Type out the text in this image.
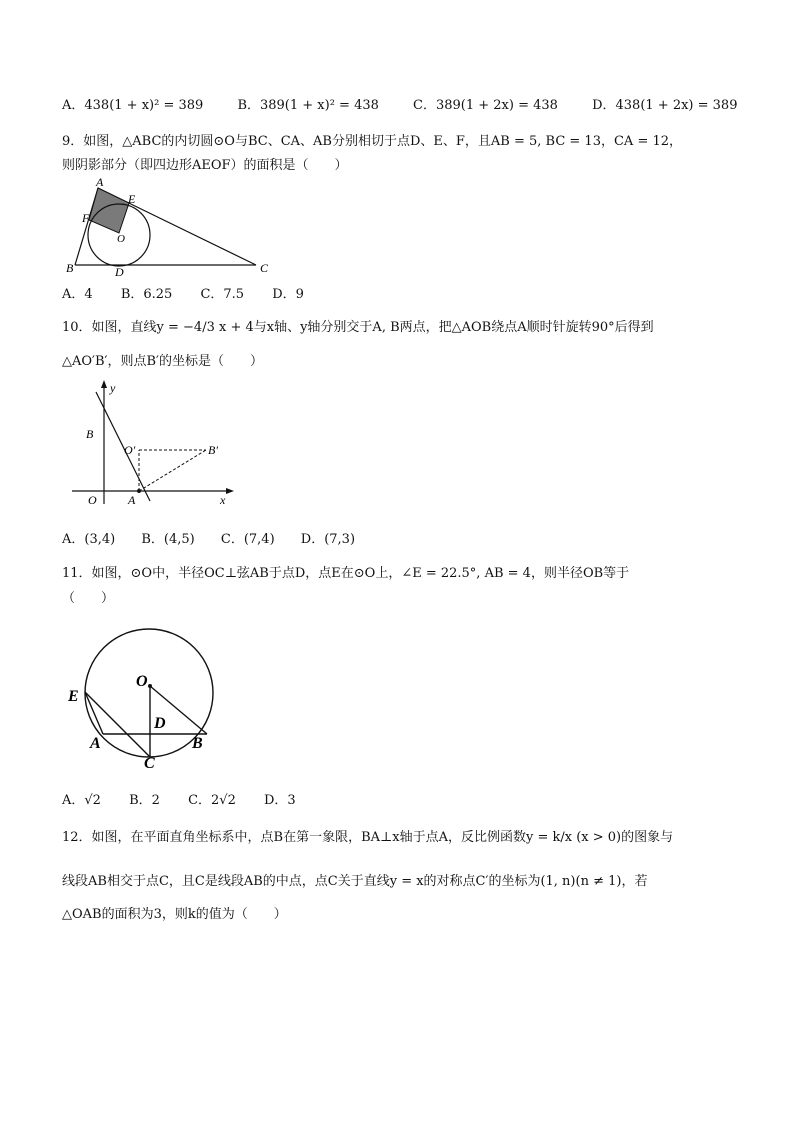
A．438(1 + x)² = 389	B．389(1 + x)² = 438	C．389(1 + 2x) = 438	D．438(1 + 2x) = 389
9．如图，△ABC的内切圆⊙O与BC、CA、AB分别相切于点D、E、F，且AB = 5, BC = 13，CA = 12，
则阴影部分（即四边形AEOF）的面积是（　　）
A
E
F
O
B	D	C
A．4 B．6.25 C．7.5 D．9
10．如图，直线y = −4/3 x + 4与x轴、y轴分别交于A, B两点，把△AOB绕点A顺时针旋转90°后得到
△AO′B′，则点B′的坐标是（　　）
y
B
O′	B′
O	A	x
A．(3,4) B．(4,5) C．(7,4) D．(7,3)
11．如图，⊙O中，半径OC⊥弦AB于点D，点E在⊙O上，∠E = 22.5°, AB = 4，则半径OB等于
（　　）
O
E
D
A	B
C
A．√2 B．2 C．2√2 D．3
12．如图，在平面直角坐标系中，点B在第一象限，BA⊥x轴于点A，反比例函数y = k/x (x > 0)的图象与
线段AB相交于点C，且C是线段AB的中点，点C关于直线y = x的对称点C′的坐标为(1, n)(n ≠ 1)，若
△OAB的面积为3，则k的值为（　　）
